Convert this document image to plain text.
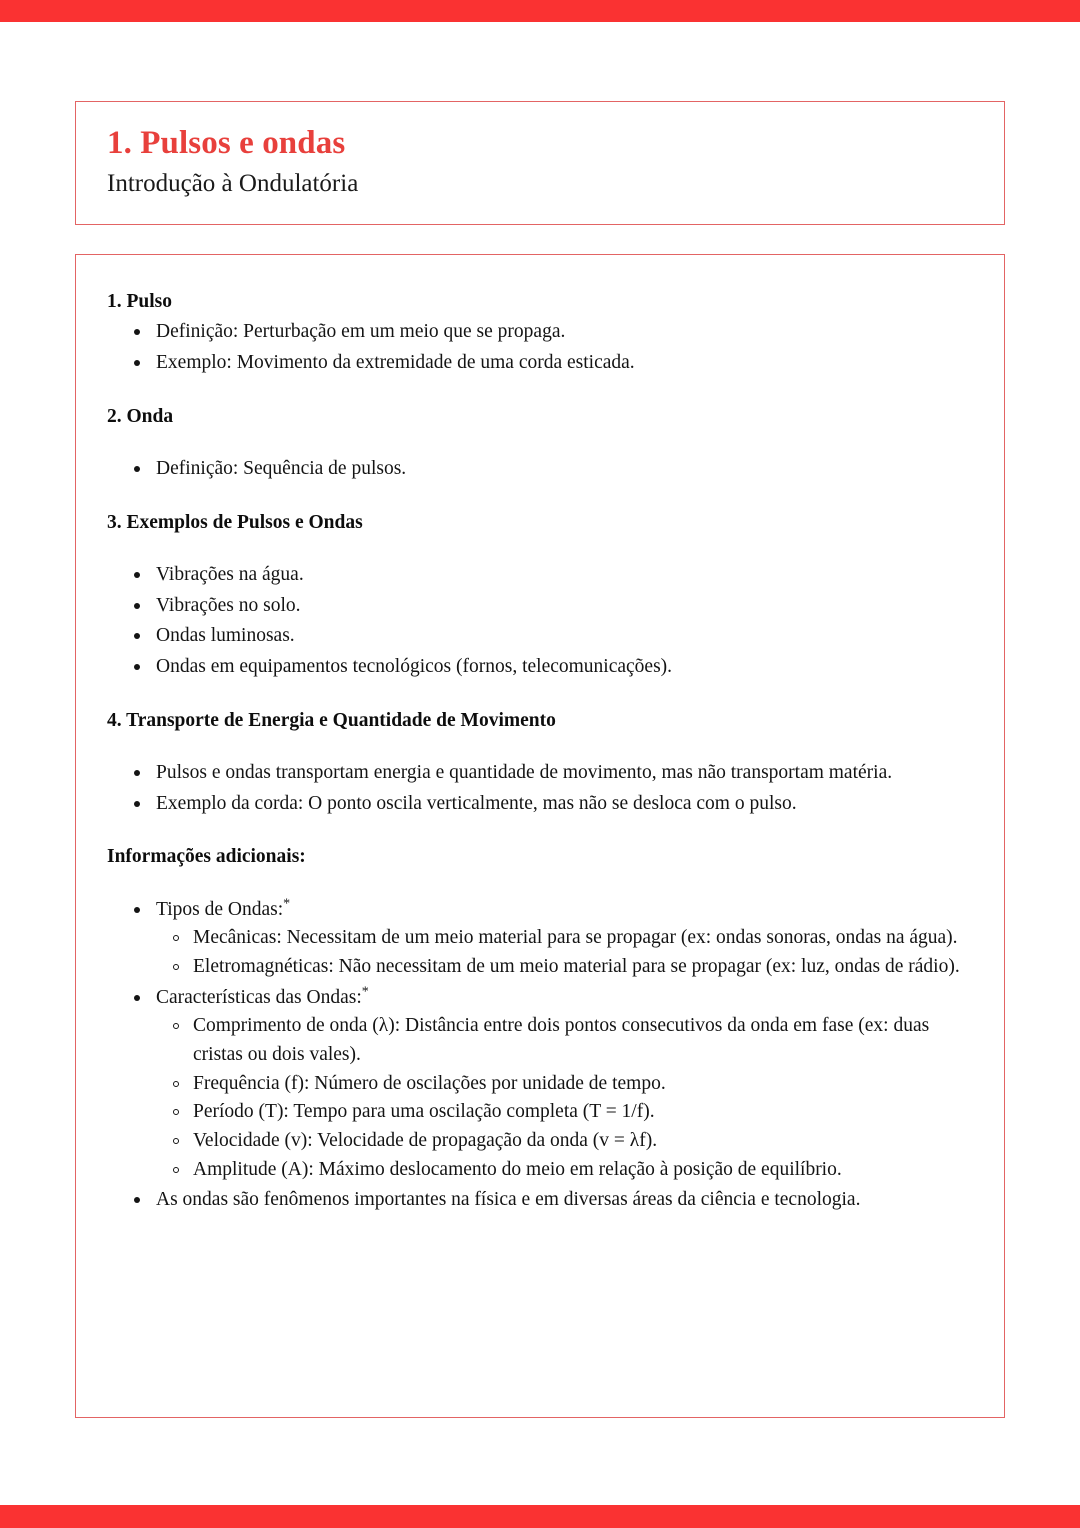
1. Pulsos e ondas
Introdução à Ondulatória
1. Pulso
Definição: Perturbação em um meio que se propaga.
Exemplo: Movimento da extremidade de uma corda esticada.
2. Onda
Definição: Sequência de pulsos.
3. Exemplos de Pulsos e Ondas
Vibrações na água.
Vibrações no solo.
Ondas luminosas.
Ondas em equipamentos tecnológicos (fornos, telecomunicações).
4. Transporte de Energia e Quantidade de Movimento
Pulsos e ondas transportam energia e quantidade de movimento, mas não transportam matéria.
Exemplo da corda: O ponto oscila verticalmente, mas não se desloca com o pulso.
Informações adicionais:
Tipos de Ondas:*
Mecânicas: Necessitam de um meio material para se propagar (ex: ondas sonoras, ondas na água).
Eletromagnéticas: Não necessitam de um meio material para se propagar (ex: luz, ondas de rádio).
Características das Ondas:*
Comprimento de onda (λ): Distância entre dois pontos consecutivos da onda em fase (ex: duas cristas ou dois vales).
Frequência (f): Número de oscilações por unidade de tempo.
Período (T): Tempo para uma oscilação completa (T = 1/f).
Velocidade (v): Velocidade de propagação da onda (v = λf).
Amplitude (A): Máximo deslocamento do meio em relação à posição de equilíbrio.
As ondas são fenômenos importantes na física e em diversas áreas da ciência e tecnologia.
